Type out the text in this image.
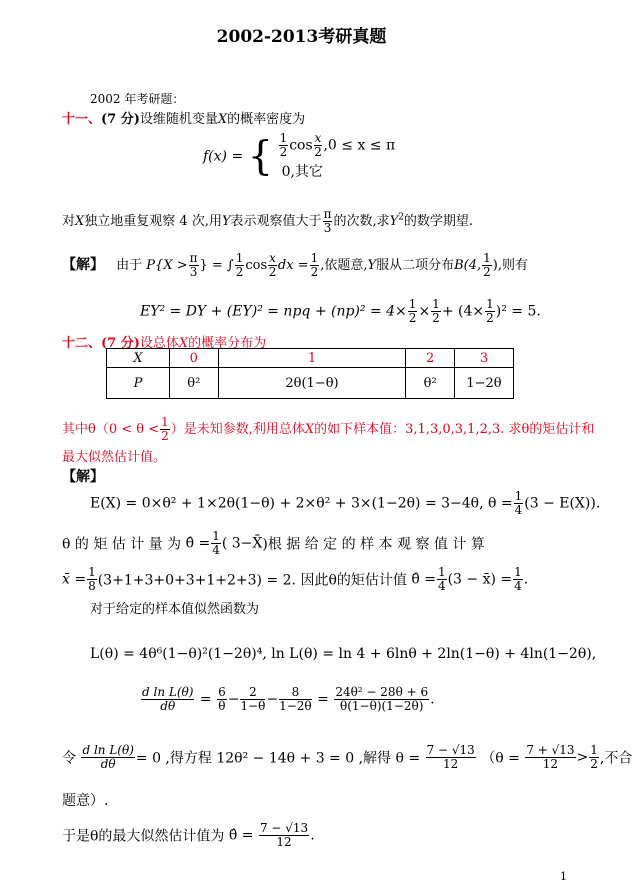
2002-2013考研真题
2002 年考研题：
十一、(7 分)设维随机变量X的概率密度为
f(x) = { $\frac{1}{2}$ $\cos \frac{x}{2} ,0 \le x \le \pi$
0,其它
对X独立地重复观察 4 次,用Y表示观察值大于 $\frac{\pi}{3}$ 的次数,求$Y^2$的数学期望.
【解】 由于 $P\{X > \frac{\pi}{3}$ } = ∫ $\frac{1}{2}$ $\cos \frac{x}{2}$ dx = $\frac{1}{2}$ ,依题意,Y服从二项分布B(4, $\frac{1}{2}$ ),则有
EY² = DY + (EY)² = npq + $(np)^2 = 4\times \frac{1}{2} \times \frac{1}{2} + (4\times \frac{1}{2} )^2 = 5$.
十二、(7 分)设总体X的概率分布为
X	0	1	2	3
P	θ²	2θ(1−θ)	θ²	1−2θ
其中$\theta(0 < \theta < \frac{1}{2}$ ）是未知参数,利用总体X的如下样本值：3,1,3,0,3,1,2,3. 求θ的矩估计和
最大似然估计值。
【解】
E(X) = 0×θ² + 1×2θ(1−θ) + 2×θ² + 3×(1−2θ) = 3−4θ, $\theta = \frac{1}{4} (3 - E(X))$.
θ 的 矩 估 计 量 为 θ̂ = $\frac{1}{4}$ ( 3−X̄)根 据 给 定 的 样 本 观 察 值 计 算
x̄ = $\frac{1}{8} (3+1+3+0+3+1+2+3) = 2$. 因此θ的矩估计值 θ̂ = $\frac{1}{4} (3$ − x̄) = $\frac{1}{4}$ .
对于给定的样本值似然函数为
L(θ) = 4θ⁶(1−θ)²(1−2θ)⁴, ln L(θ) = ln 4 + 6lnθ + 2ln(1−θ) + 4ln(1−2θ),
$\frac{\text{d ln L(θ)}}{d\theta} = \frac{6}{\theta} - \frac{2}{1-\theta} - \frac{8}{1-2\theta} = \frac{\text{24θ² − 28θ + 6}}{\theta(1-\theta)(1-2\theta)}$ .
令 $\frac{\text{d ln L(θ)}}{d\theta} = 0$ ,得方程 12θ² − 14θ + 3 = 0 ,解得 $\theta = \frac{7 - √13}{12} (\theta = \frac{7 + √13}{12} > \frac{1}{2}$ ,不合
题意）.
于是θ的最大似然估计值为 θ̂ = $\frac{7 - √13}{12}$ .
1
